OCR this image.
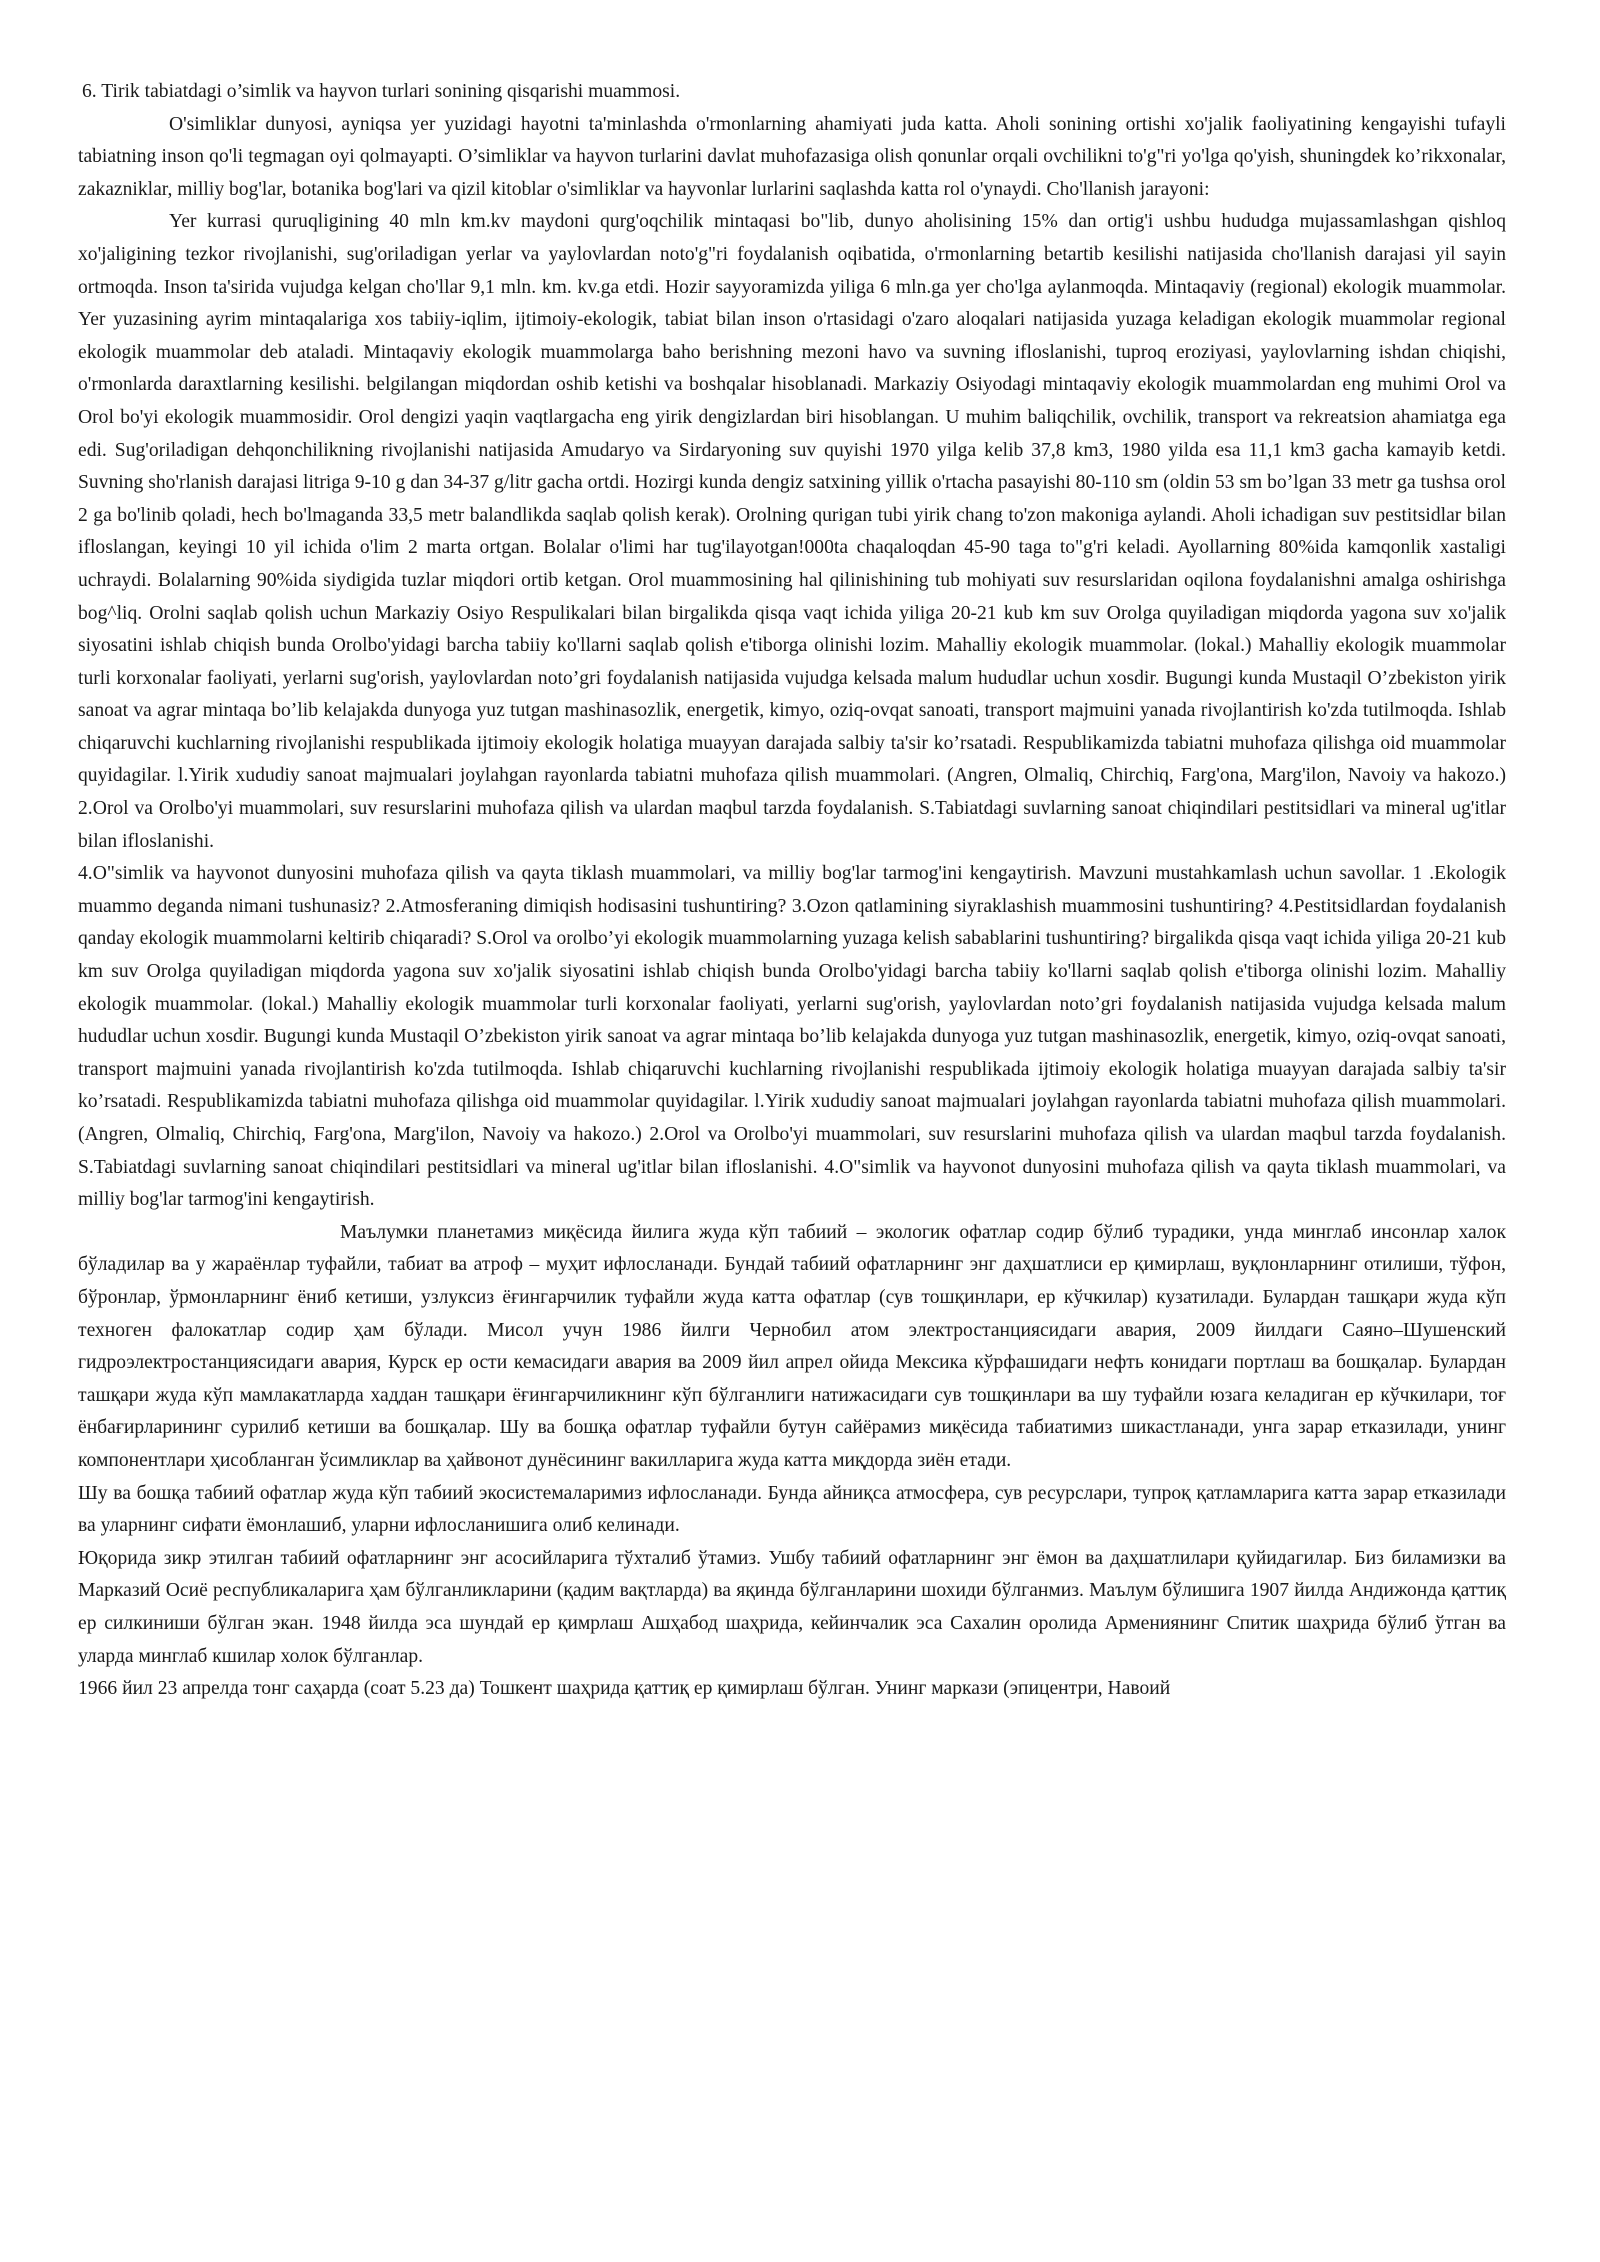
6. Tirik tabiatdagi o’simlik va hayvon turlari sonining qisqarishi muammosi.

O'simliklar dunyosi, ayniqsa yer yuzidagi hayotni ta'minlashda o'rmonlarning ahamiyati juda katta. Aholi sonining ortishi xo'jalik faoliyatining kengayishi tufayli tabiatning inson qo'li tegmagan oyi qolmayapti. O’simliklar va hayvon turlarini davlat muhofazasiga olish qonunlar orqali ovchilikni to'g"ri yo'lga qo'yish, shuningdek ko’rikxonalar, zakazniklar, milliy bog'lar, botanika bog'lari va qizil kitoblar o'simliklar va hayvonlar lurlarini saqlashda katta rol o'ynaydi. Cho'llanish jarayoni:

Yer kurrasi quruqligining 40 mln km.kv maydoni qurg'oqchilik mintaqasi bo"lib, dunyo aholisining 15% dan ortig'i ushbu hududga mujassamlashgan qishloq xo'jaligining tezkor rivojlanishi, sug'oriladigan yerlar va yaylovlardan noto'g"ri foydalanish oqibatida, o'rmonlarning betartib kesilishi natijasida cho'llanish darajasi yil sayin ortmoqda. Inson ta'sirida vujudga kelgan cho'llar 9,1 mln. km. kv.ga etdi. Hozir sayyoramizda yiliga 6 mln.ga yer cho'lga aylanmoqda. Mintaqaviy (regional) ekologik muammolar. Yer yuzasining ayrim mintaqalariga xos tabiiy-iqlim, ijtimoiy-ekologik, tabiat bilan inson o'rtasidagi o'zaro aloqalari natijasida yuzaga keladigan ekologik muammolar regional ekologik muammolar deb ataladi. Mintaqaviy ekologik muammolarga baho berishning mezoni havo va suvning ifloslanishi, tuproq eroziyasi, yaylovlarning ishdan chiqishi, o'rmonlarda daraxtlarning kesilishi. belgilangan miqdordan oshib ketishi va boshqalar hisoblanadi. Markaziy Osiyodagi mintaqaviy ekologik muammolardan eng muhimi Orol va Orol bo'yi ekologik muammosidir. Orol dengizi yaqin vaqtlargacha eng yirik dengizlardan biri hisoblangan. U muhim baliqchilik, ovchilik, transport va rekreatsion ahamiatga ega edi. Sug'oriladigan dehqonchilikning rivojlanishi natijasida Amudaryo va Sirdaryoning suv quyishi 1970 yilga kelib 37,8 km3, 1980 yilda esa 11,1 km3 gacha kamayib ketdi. Suvning sho'rlanish darajasi litriga 9-10 g dan 34-37 g/litr gacha ortdi. Hozirgi kunda dengiz satxining yillik o'rtacha pasayishi 80-110 sm (oldin 53 sm bo’lgan 33 metr ga tushsa orol 2 ga bo'linib qoladi, hech bo'lmaganda 33,5 metr balandlikda saqlab qolish kerak). Orolning qurigan tubi yirik chang to'zon makoniga aylandi. Aholi ichadigan suv pestitsidlar bilan ifloslangan, keyingi 10 yil ichida o'lim 2 marta ortgan. Bolalar o'limi har tug'ilayotgan!000ta chaqaloqdan 45-90 taga to"g'ri keladi. Ayollarning 80%ida kamqonlik xastaligi uchraydi. Bolalarning 90%ida siydigida tuzlar miqdori ortib ketgan. Orol muammosining hal qilinishining tub mohiyati suv resurslaridan oqilona foydalanishni amalga oshirishga bog^liq. Orolni saqlab qolish uchun Markaziy Osiyo Respulikalari bilan birgalikda qisqa vaqt ichida yiliga 20-21 kub km suv Orolga quyiladigan miqdorda yagona suv xo'jalik siyosatini ishlab chiqish bunda Orolbo'yidagi barcha tabiiy ko'llarni saqlab qolish e'tiborga olinishi lozim. Mahalliy ekologik muammolar. (lokal.) Mahalliy ekologik muammolar turli korxonalar faoliyati, yerlarni sug'orish, yaylovlardan noto’gri foydalanish natijasida vujudga kelsada malum hududlar uchun xosdir. Bugungi kunda Mustaqil O’zbekiston yirik sanoat va agrar mintaqa bo’lib kelajakda dunyoga yuz tutgan mashinasozlik, energetik, kimyo, oziq-ovqat sanoati, transport majmuini yanada rivojlantirish ko'zda tutilmoqda. Ishlab chiqaruvchi kuchlarning rivojlanishi respublikada ijtimoiy ekologik holatiga muayyan darajada salbiy ta'sir ko’rsatadi. Respublikamizda tabiatni muhofaza qilishga oid muammolar quyidagilar. l.Yirik xududiy sanoat majmualari joylahgan rayonlarda tabiatni muhofaza qilish muammolari. (Angren, Olmaliq, Chirchiq, Farg'ona, Marg'ilon, Navoiy va hakozo.) 2.Orol va Orolbo'yi muammolari, suv resurslarini muhofaza qilish va ulardan maqbul tarzda foydalanish. S.Tabiatdagi suvlarning sanoat chiqindilari pestitsidlari va mineral ug'itlar bilan ifloslanishi.

4.O"simlik va hayvonot dunyosini muhofaza qilish va qayta tiklash muammolari, va milliy bog'lar tarmog'ini kengaytirish. Mavzuni mustahkamlash uchun savollar. 1 .Ekologik muammo deganda nimani tushunasiz? 2.Atmosferaning dimiqish hodisasini tushuntiring? 3.Ozon qatlamining siyraklashish muammosini tushuntiring? 4.Pestitsidlardan foydalanish qanday ekologik muammolarni keltirib chiqaradi? S.Orol va orolbo’yi ekologik muammolarning yuzaga kelish sabablarini tushuntiring? birgalikda qisqa vaqt ichida yiliga 20-21 kub km suv Orolga quyiladigan miqdorda yagona suv xo'jalik siyosatini ishlab chiqish bunda Orolbo'yidagi barcha tabiiy ko'llarni saqlab qolish e'tiborga olinishi lozim. Mahalliy ekologik muammolar. (lokal.) Mahalliy ekologik muammolar turli korxonalar faoliyati, yerlarni sug'orish, yaylovlardan noto’gri foydalanish natijasida vujudga kelsada malum hududlar uchun xosdir. Bugungi kunda Mustaqil O’zbekiston yirik sanoat va agrar mintaqa bo’lib kelajakda dunyoga yuz tutgan mashinasozlik, energetik, kimyo, oziq-ovqat sanoati, transport majmuini yanada rivojlantirish ko'zda tutilmoqda. Ishlab chiqaruvchi kuchlarning rivojlanishi respublikada ijtimoiy ekologik holatiga muayyan darajada salbiy ta'sir ko’rsatadi. Respublikamizda tabiatni muhofaza qilishga oid muammolar quyidagilar. l.Yirik xududiy sanoat majmualari joylahgan rayonlarda tabiatni muhofaza qilish muammolari. (Angren, Olmaliq, Chirchiq, Farg'ona, Marg'ilon, Navoiy va hakozo.) 2.Orol va Orolbo'yi muammolari, suv resurslarini muhofaza qilish va ulardan maqbul tarzda foydalanish. S.Tabiatdagi suvlarning sanoat chiqindilari pestitsidlari va mineral ug'itlar bilan ifloslanishi. 4.O"simlik va hayvonot dunyosini muhofaza qilish va qayta tiklash muammolari, va milliy bog'lar tarmog'ini kengaytirish.

Маълумки планетамиз миқёсида йилига жуда кўп табиий – экологик офатлар содир бўлиб турадики, унда минглаб инсонлар халок бўладилар ва у жараёнлар туфайли, табиат ва атроф – муҳит ифлосланади. Бундай табиий офатларнинг энг даҳшатлиси ер қимирлаш, вуқлонларнинг отилиши, тўфон, бўронлар, ўрмонларнинг ёниб кетиши, узлуксиз ёғингарчилик туфайли жуда катта офатлар (сув тошқинлари, ер кўчкилар) кузатилади. Булардан ташқари жуда кўп техноген фалокатлар содир ҳам бўлади. Мисол учун 1986 йилги Чернобил атом электростанциясидаги авария, 2009 йилдаги Саяно–Шушенский гидроэлектростанциясидаги авария, Курск ер ости кемасидаги авария ва 2009 йил апрел ойида Мексика кўрфашидаги нефть конидаги портлаш ва бошқалар. Булардан ташқари жуда кўп мамлакатларда хаддан ташқари ёғингарчиликнинг кўп бўлганлиги натижасидаги сув тошқинлари ва шу туфайли юзага келадиган ер кўчкилари, тоғ ёнбағирларининг сурилиб кетиши ва бошқалар. Шу ва бошқа офатлар туфайли бутун сайёрамиз миқёсида табиатимиз шикастланади, унга зарар етказилади, унинг компонентлари ҳисобланган ўсимликлар ва ҳайвонот дунёсининг вакилларига жуда катта миқдорда зиён етади.

Шу ва бошқа табиий офатлар жуда кўп табиий экосистемаларимиз ифлосланади. Бунда айниқса атмосфера, сув ресурслари, тупроқ қатламларига катта зарар етказилади ва уларнинг сифати ёмонлашиб, уларни ифлосланишига олиб келинади.

Юқорида зикр этилган табиий офатларнинг энг асосийларига тўхталиб ўтамиз. Ушбу табиий офатларнинг энг ёмон ва даҳшатлилари қуйидагилар. Биз биламизки ва Марказий Осиё республикаларига ҳам бўлганликларини (қадим вақтларда) ва яқинда бўлганларини шохиди бўлганмиз. Маълум бўлишига 1907 йилда Андижонда қаттиқ ер силкиниши бўлган экан. 1948 йилда эса шундай ер қимрлаш Ашҳабод шаҳрида, кейинчалик эса Сахалин оролида Армениянинг Спитик шаҳрида бўлиб ўтган ва уларда минглаб кшилар холок бўлганлар.

1966 йил 23 апрелда тонг саҳарда (соат 5.23 да) Тошкент шаҳрида қаттиқ ер қимирлаш бўлган. Унинг маркази (эпицентри, Навоий
